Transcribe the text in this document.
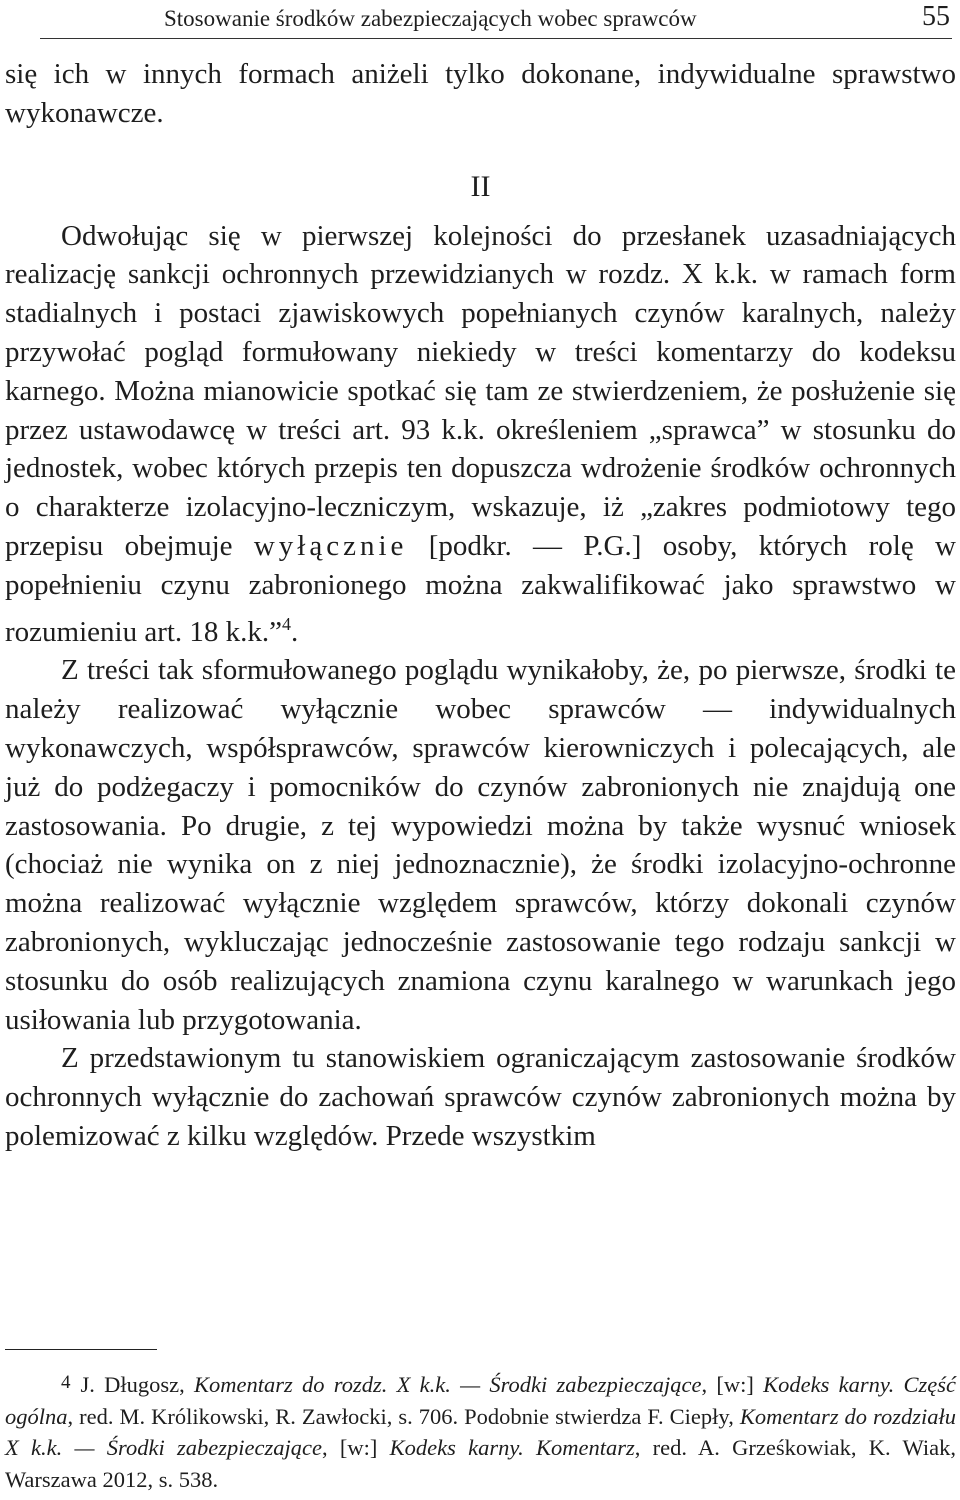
Stosowanie środków zabezpieczających wobec sprawców	55

się ich w innych formach aniżeli tylko dokonane, indywidualne sprawstwo wykonawcze.

II

Odwołując się w pierwszej kolejności do przesłanek uzasadniających realizację sankcji ochronnych przewidzianych w rozdz. X k.k. w ramach form stadialnych i postaci zjawiskowych popełnianych czynów karalnych, należy przywołać pogląd formułowany niekiedy w treści komentarzy do kodeksu karnego. Można mianowicie spotkać się tam ze stwierdzeniem, że posłużenie się przez ustawodawcę w treści art. 93 k.k. określeniem „sprawca” w stosunku do jednostek, wobec których przepis ten dopuszcza wdrożenie środków ochronnych o charakterze izolacyjno-leczniczym, wskazuje, iż „zakres podmiotowy tego przepisu obejmuje wyłącznie [podkr. — P.G.] osoby, których rolę w popełnieniu czynu zabronionego można zakwalifikować jako sprawstwo w rozumieniu art. 18 k.k.”$^4$.

Z treści tak sformułowanego poglądu wynikałoby, że, po pierwsze, środki te należy realizować wyłącznie wobec sprawców — indywidualnych wykonawczych, współsprawców, sprawców kierowniczych i polecających, ale już do podżegaczy i pomocników do czynów zabronionych nie znajdują one zastosowania. Po drugie, z tej wypowiedzi można by także wysnuć wniosek (chociaż nie wynika on z niej jednoznacznie), że środki izolacyjno-ochronne można realizować wyłącznie względem sprawców, którzy dokonali czynów zabronionych, wykluczając jednocześnie zastosowanie tego rodzaju sankcji w stosunku do osób realizujących znamiona czynu karalnego w warunkach jego usiłowania lub przygotowania.

Z przedstawionym tu stanowiskiem ograniczającym zastosowanie środków ochronnych wyłącznie do zachowań sprawców czynów zabronionych można by polemizować z kilku względów. Przede wszystkim

4 J. Długosz, Komentarz do rozdz. X k.k. — Środki zabezpieczające, [w:] Kodeks karny. Część ogólna, red. M. Królikowski, R. Zawłocki, s. 706. Podobnie stwierdza F. Ciepły, Komentarz do rozdziału X k.k. — Środki zabezpieczające, [w:] Kodeks karny. Komentarz, red. A. Grześkowiak, K. Wiak, Warszawa 2012, s. 538.
